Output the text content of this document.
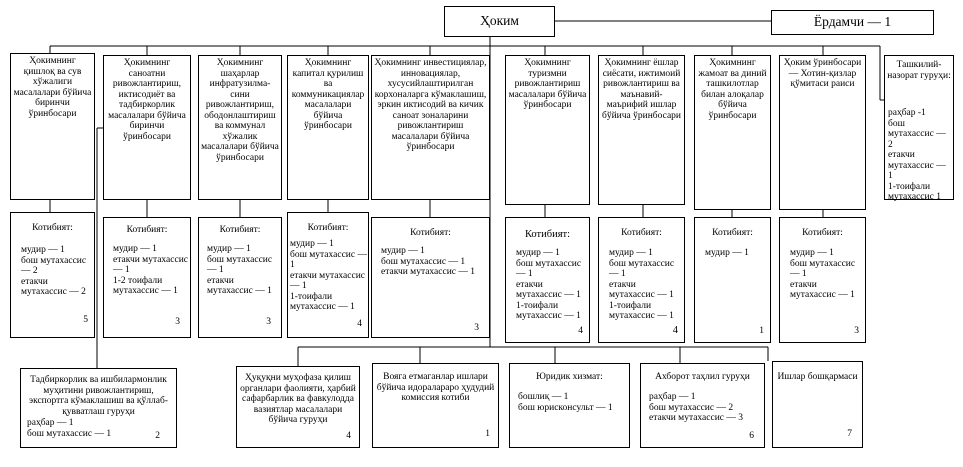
Ҳоким	Ёрдамчи — 1
Ҳокимнинг қишлоқ ва сув хўжалиги масалалари бўйича биринчи ўринбосари
Ҳокимнинг саноатни ривожлантириш, иктисодиёт ва тадбиркорлик масалалари бўйича биринчи ўринбосари
Ҳокимнинг шаҳарлар инфратузилма-сини ривожлантириш, ободонлаштириш ва коммунал хўжалик масалалари бўйича ўринбосари
Ҳокимнинг капитал қурилиш ва коммуникациялар масалалари бўйича ўринбосари
Ҳокимнинг инвестициялар, инновациялар, хусусийлаштирилган корхоналарга кўмаклашиш, эркин иктисодий ва кичик саноат зоналарини ривожлантириш масалалари бўйича ўринбосари
Ҳокимнинг туризмни ривожлантириш масалалари бўйича ўринбосари
Ҳокимнинг ёшлар сиёсати, ижтимоий ривожлантириш ва маънавий-маърифий ишлар бўйича ўринбосари
Ҳокимнинг жамоат ва диний ташкилотлар билан алоқалар бўйича ўринбосари
Ҳоким ўринбосари — Хотин-қизлар қўмитаси раиси
Ташкилий-назорат гуруҳи:
раҳбар -1
бош мутахассис — 2
етакчи мутахассис — 1
1-тоифали мутахассис 1
Котибият:
мудир — 1
бош мутахассис — 2
етакчи мутахассис — 2
5
Котибият:
мудир — 1
етакчи мутахассис — 1
1-2 тоифали мутахассис — 1
3
Котибият:
мудир — 1
бош мутахассис — 1
етакчи мутахассис — 1
3
Котибият:
мудир — 1
бош мутахассис — 1
етакчи мутахассис — 1
1-тоифали мутахассис — 1
4
Котибият:
мудир — 1
бош мутахассис — 1
етакчи мутахассис — 1
3
Котибият:
мудир — 1
бош мутахассис — 1
етакчи мутахассис — 1
1-тоифали мутахассис — 1
4
Котибият:
мудир — 1
бош мутахассис — 1
етакчи мутахассис — 1
1-тоифали мутахассис — 1
4
Котибият:
мудир — 1
1
Котибият:
мудир — 1
бош мутахассис — 1
етакчи мутахассис — 1
3
Тадбиркорлик ва ишбилармонлик муҳитини ривожлантириш, экспортга кўмаклашиш ва қўллаб-қувватлаш гуруҳи
раҳбар — 1
бош мутахассис — 1	2
Ҳуқуқни муҳофаза қилиш органлари фаолияти, ҳарбий сафарбарлик ва фавкулодда вазиятлар масалалари бўйича гуруҳи
4
Вояга етмаганлар ишлари бўйича идоралараро ҳудудий комиссия котиби
1
Юридик хизмат:
бошлиқ — 1
бош юрисконсульт — 1
Ахборот таҳлил гуруҳи
раҳбар — 1
бош мутахассис — 2
етакчи мутахассис — 3
6
Ишлар бошқармаси
7
